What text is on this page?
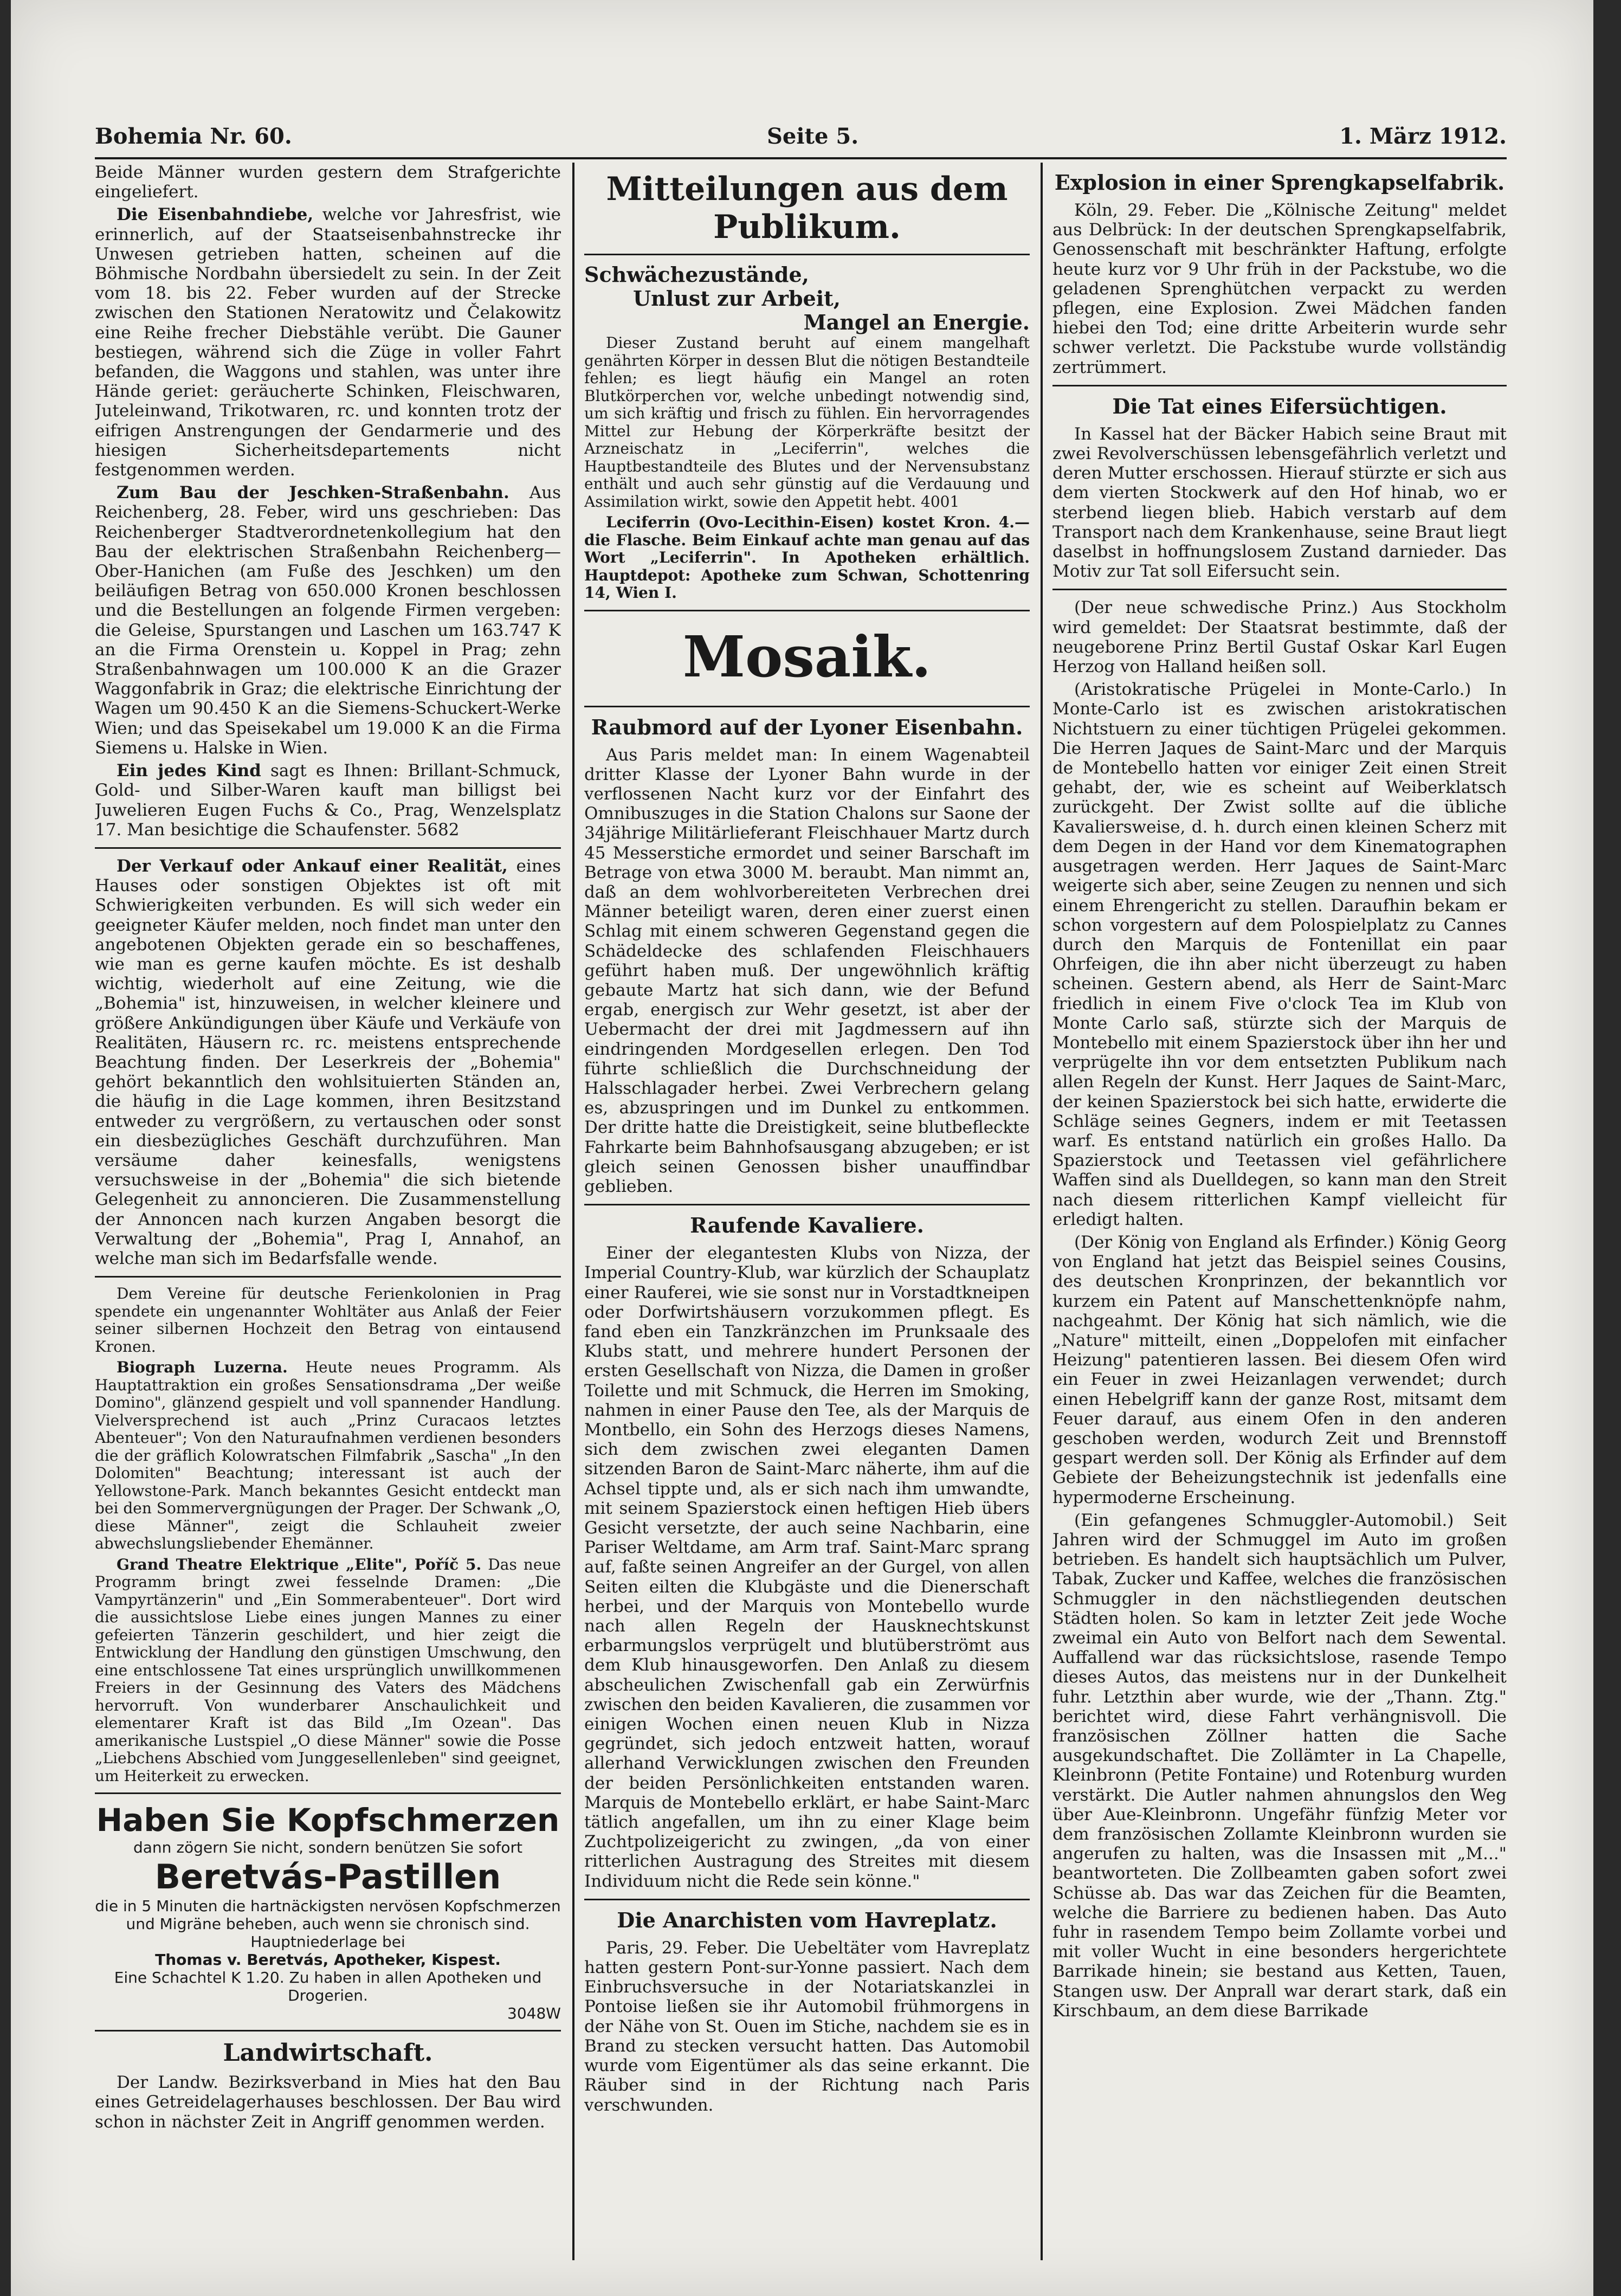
Bohemia Nr. 60.	Seite 5.	1. März 1912.

Beide Männer wurden gestern dem Strafgerichte eingeliefert.

Die Eisenbahndiebe, welche vor Jahresfrist, wie erinnerlich, auf der Staatseisenbahnstrecke ihr Unwesen getrieben hatten, scheinen auf die Böhmische Nordbahn übersiedelt zu sein. In der Zeit vom 18. bis 22. Feber wurden auf der Strecke zwischen den Stationen Neratowitz und Čelakowitz eine Reihe frecher Diebstähle verübt. Die Gauner bestiegen, während sich die Züge in voller Fahrt befanden, die Waggons und stahlen, was unter ihre Hände geriet: geräucherte Schinken, Fleischwaren, Juteleinwand, Trikotwaren, rc. und konnten trotz der eifrigen Anstrengungen der Gendarmerie und des hiesigen Sicherheitsdepartements nicht festgenommen werden.

Zum Bau der Jeschken-Straßenbahn. Aus Reichenberg, 28. Feber, wird uns geschrieben: Das Reichenberger Stadtverordnetenkollegium hat den Bau der elektrischen Straßenbahn Reichenberg—Ober-Hanichen (am Fuße des Jeschken) um den beiläufigen Betrag von 650.000 Kronen beschlossen und die Bestellungen an folgende Firmen vergeben: die Geleise, Spurstangen und Laschen um 163.747 K an die Firma Orenstein u. Koppel in Prag; zehn Straßenbahnwagen um 100.000 K an die Grazer Waggonfabrik in Graz; die elektrische Einrichtung der Wagen um 90.450 K an die Siemens-Schuckert-Werke Wien; und das Speisekabel um 19.000 K an die Firma Siemens u. Halske in Wien.

Ein jedes Kind sagt es Ihnen: Brillant-Schmuck, Gold- und Silber-Waren kauft man billigst bei Juwelieren Eugen Fuchs & Co., Prag, Wenzelsplatz 17. Man besichtige die Schaufenster. 5682

Der Verkauf oder Ankauf einer Realität, eines Hauses oder sonstigen Objektes ist oft mit Schwierigkeiten verbunden. Es will sich weder ein geeigneter Käufer melden, noch findet man unter den angebotenen Objekten gerade ein so beschaffenes, wie man es gerne kaufen möchte. Es ist deshalb wichtig, wiederholt auf eine Zeitung, wie die „Bohemia" ist, hinzuweisen, in welcher kleinere und größere Ankündigungen über Käufe und Verkäufe von Realitäten, Häusern rc. rc. meistens entsprechende Beachtung finden. Der Leserkreis der „Bohemia" gehört bekanntlich den wohlsituierten Ständen an, die häufig in die Lage kommen, ihren Besitzstand entweder zu vergrößern, zu vertauschen oder sonst ein diesbezügliches Geschäft durchzuführen. Man versäume daher keinesfalls, wenigstens versuchsweise in der „Bohemia" die sich bietende Gelegenheit zu annoncieren. Die Zusammenstellung der Annoncen nach kurzen Angaben besorgt die Verwaltung der „Bohemia", Prag I, Annahof, an welche man sich im Bedarfsfalle wende.

Dem Vereine für deutsche Ferienkolonien in Prag spendete ein ungenannter Wohltäter aus Anlaß der Feier seiner silbernen Hochzeit den Betrag von eintausend Kronen.

Biograph Luzerna. Heute neues Programm. Als Hauptattraktion ein großes Sensationsdrama „Der weiße Domino", glänzend gespielt und voll spannender Handlung. Vielversprechend ist auch „Prinz Curacaos letztes Abenteuer"; Von den Naturaufnahmen verdienen besonders die der gräflich Kolowratschen Filmfabrik „Sascha" „In den Dolomiten" Beachtung; interessant ist auch der Yellowstone-Park. Manch bekanntes Gesicht entdeckt man bei den Sommervergnügungen der Prager. Der Schwank „O, diese Männer", zeigt die Schlauheit zweier abwechslungsliebender Ehemänner.

Grand Theatre Elektrique „Elite", Poříč 5. Das neue Programm bringt zwei fesselnde Dramen: „Die Vampyrtänzerin" und „Ein Sommerabenteuer". Dort wird die aussichtslose Liebe eines jungen Mannes zu einer gefeierten Tänzerin geschildert, und hier zeigt die Entwicklung der Handlung den günstigen Umschwung, den eine entschlossene Tat eines ursprünglich unwillkommenen Freiers in der Gesinnung des Vaters des Mädchens hervorruft. Von wunderbarer Anschaulichkeit und elementarer Kraft ist das Bild „Im Ozean". Das amerikanische Lustspiel „O diese Männer" sowie die Posse „Liebchens Abschied vom Junggesellenleben" sind geeignet, um Heiterkeit zu erwecken.

Haben Sie Kopfschmerzen
dann zögern Sie nicht, sondern benützen Sie sofort
Beretvás-Pastillen
die in 5 Minuten die hartnäckigsten nervösen Kopfschmerzen und Migräne beheben, auch wenn sie chronisch sind. Hauptniederlage bei
Thomas v. Beretvás, Apotheker, Kispest.
Eine Schachtel K 1.20. Zu haben in allen Apotheken und Drogerien.
3048W
Landwirtschaft.

Der Landw. Bezirksverband in Mies hat den Bau eines Getreidelagerhauses beschlossen. Der Bau wird schon in nächster Zeit in Angriff genommen werden.

Mitteilungen aus dem Publikum.
Schwächezustände,
Unlust zur Arbeit,
Mangel an Energie.

Dieser Zustand beruht auf einem mangelhaft genährten Körper in dessen Blut die nötigen Bestandteile fehlen; es liegt häufig ein Mangel an roten Blutkörperchen vor, welche unbedingt notwendig sind, um sich kräftig und frisch zu fühlen. Ein hervorragendes Mittel zur Hebung der Körperkräfte besitzt der Arzneischatz in „Leciferrin", welches die Hauptbestandteile des Blutes und der Nervensubstanz enthält und auch sehr günstig auf die Verdauung und Assimilation wirkt, sowie den Appetit hebt. 4001

Leciferrin (Ovo-Lecithin-Eisen) kostet Kron. 4.— die Flasche. Beim Einkauf achte man genau auf das Wort „Leciferrin". In Apotheken erhältlich. Hauptdepot: Apotheke zum Schwan, Schottenring 14, Wien I.

Mosaik.
Raubmord auf der Lyoner Eisenbahn.

Aus Paris meldet man: In einem Wagenabteil dritter Klasse der Lyoner Bahn wurde in der verflossenen Nacht kurz vor der Einfahrt des Omnibuszuges in die Station Chalons sur Saone der 34jährige Militärlieferant Fleischhauer Martz durch 45 Messerstiche ermordet und seiner Barschaft im Betrage von etwa 3000 M. beraubt. Man nimmt an, daß an dem wohlvorbereiteten Verbrechen drei Männer beteiligt waren, deren einer zuerst einen Schlag mit einem schweren Gegenstand gegen die Schädeldecke des schlafenden Fleischhauers geführt haben muß. Der ungewöhnlich kräftig gebaute Martz hat sich dann, wie der Befund ergab, energisch zur Wehr gesetzt, ist aber der Uebermacht der drei mit Jagdmessern auf ihn eindringenden Mordgesellen erlegen. Den Tod führte schließlich die Durchschneidung der Halsschlagader herbei. Zwei Verbrechern gelang es, abzuspringen und im Dunkel zu entkommen. Der dritte hatte die Dreistigkeit, seine blutbefleckte Fahrkarte beim Bahnhofsausgang abzugeben; er ist gleich seinen Genossen bisher unauffindbar geblieben.

Raufende Kavaliere.

Einer der elegantesten Klubs von Nizza, der Imperial Country-Klub, war kürzlich der Schauplatz einer Rauferei, wie sie sonst nur in Vorstadtkneipen oder Dorfwirtshäusern vorzukommen pflegt. Es fand eben ein Tanzkränzchen im Prunksaale des Klubs statt, und mehrere hundert Personen der ersten Gesellschaft von Nizza, die Damen in großer Toilette und mit Schmuck, die Herren im Smoking, nahmen in einer Pause den Tee, als der Marquis de Montbello, ein Sohn des Herzogs dieses Namens, sich dem zwischen zwei eleganten Damen sitzenden Baron de Saint-Marc näherte, ihm auf die Achsel tippte und, als er sich nach ihm umwandte, mit seinem Spazierstock einen heftigen Hieb übers Gesicht versetzte, der auch seine Nachbarin, eine Pariser Weltdame, am Arm traf. Saint-Marc sprang auf, faßte seinen Angreifer an der Gurgel, von allen Seiten eilten die Klubgäste und die Dienerschaft herbei, und der Marquis von Montebello wurde nach allen Regeln der Hausknechtskunst erbarmungslos verprügelt und blutüberströmt aus dem Klub hinausgeworfen. Den Anlaß zu diesem abscheulichen Zwischenfall gab ein Zerwürfnis zwischen den beiden Kavalieren, die zusammen vor einigen Wochen einen neuen Klub in Nizza gegründet, sich jedoch entzweit hatten, worauf allerhand Verwicklungen zwischen den Freunden der beiden Persönlichkeiten entstanden waren. Marquis de Montebello erklärt, er habe Saint-Marc tätlich angefallen, um ihn zu einer Klage beim Zuchtpolizeigericht zu zwingen, „da von einer ritterlichen Austragung des Streites mit diesem Individuum nicht die Rede sein könne."

Die Anarchisten vom Havreplatz.

Paris, 29. Feber. Die Uebeltäter vom Havreplatz hatten gestern Pont-sur-Yonne passiert. Nach dem Einbruchsversuche in der Notariatskanzlei in Pontoise ließen sie ihr Automobil frühmorgens in der Nähe von St. Ouen im Stiche, nachdem sie es in Brand zu stecken versucht hatten. Das Automobil wurde vom Eigentümer als das seine erkannt. Die Räuber sind in der Richtung nach Paris verschwunden.

Explosion in einer Sprengkapselfabrik.

Köln, 29. Feber. Die „Kölnische Zeitung" meldet aus Delbrück: In der deutschen Sprengkapselfabrik, Genossenschaft mit beschränkter Haftung, erfolgte heute kurz vor 9 Uhr früh in der Packstube, wo die geladenen Sprenghütchen verpackt zu werden pflegen, eine Explosion. Zwei Mädchen fanden hiebei den Tod; eine dritte Arbeiterin wurde sehr schwer verletzt. Die Packstube wurde vollständig zertrümmert.

Die Tat eines Eifersüchtigen.

In Kassel hat der Bäcker Habich seine Braut mit zwei Revolverschüssen lebensgefährlich verletzt und deren Mutter erschossen. Hierauf stürzte er sich aus dem vierten Stockwerk auf den Hof hinab, wo er sterbend liegen blieb. Habich verstarb auf dem Transport nach dem Krankenhause, seine Braut liegt daselbst in hoffnungslosem Zustand darnieder. Das Motiv zur Tat soll Eifersucht sein.

(Der neue schwedische Prinz.) Aus Stockholm wird gemeldet: Der Staatsrat bestimmte, daß der neugeborene Prinz Bertil Gustaf Oskar Karl Eugen Herzog von Halland heißen soll.

(Aristokratische Prügelei in Monte-Carlo.) In Monte-Carlo ist es zwischen aristokratischen Nichtstuern zu einer tüchtigen Prügelei gekommen. Die Herren Jaques de Saint-Marc und der Marquis de Montebello hatten vor einiger Zeit einen Streit gehabt, der, wie es scheint auf Weiberklatsch zurückgeht. Der Zwist sollte auf die übliche Kavaliersweise, d. h. durch einen kleinen Scherz mit dem Degen in der Hand vor dem Kinematographen ausgetragen werden. Herr Jaques de Saint-Marc weigerte sich aber, seine Zeugen zu nennen und sich einem Ehrengericht zu stellen. Daraufhin bekam er schon vorgestern auf dem Polospielplatz zu Cannes durch den Marquis de Fontenillat ein paar Ohrfeigen, die ihn aber nicht überzeugt zu haben scheinen. Gestern abend, als Herr de Saint-Marc friedlich in einem Five o'clock Tea im Klub von Monte Carlo saß, stürzte sich der Marquis de Montebello mit einem Spazierstock über ihn her und verprügelte ihn vor dem entsetzten Publikum nach allen Regeln der Kunst. Herr Jaques de Saint-Marc, der keinen Spazierstock bei sich hatte, erwiderte die Schläge seines Gegners, indem er mit Teetassen warf. Es entstand natürlich ein großes Hallo. Da Spazierstock und Teetassen viel gefährlichere Waffen sind als Duelldegen, so kann man den Streit nach diesem ritterlichen Kampf vielleicht für erledigt halten.

(Der König von England als Erfinder.) König Georg von England hat jetzt das Beispiel seines Cousins, des deutschen Kronprinzen, der bekanntlich vor kurzem ein Patent auf Manschettenknöpfe nahm, nachgeahmt. Der König hat sich nämlich, wie die „Nature" mitteilt, einen „Doppelofen mit einfacher Heizung" patentieren lassen. Bei diesem Ofen wird ein Feuer in zwei Heizanlagen verwendet; durch einen Hebelgriff kann der ganze Rost, mitsamt dem Feuer darauf, aus einem Ofen in den anderen geschoben werden, wodurch Zeit und Brennstoff gespart werden soll. Der König als Erfinder auf dem Gebiete der Beheizungstechnik ist jedenfalls eine hypermoderne Erscheinung.

(Ein gefangenes Schmuggler-Automobil.) Seit Jahren wird der Schmuggel im Auto im großen betrieben. Es handelt sich hauptsächlich um Pulver, Tabak, Zucker und Kaffee, welches die französischen Schmuggler in den nächstliegenden deutschen Städten holen. So kam in letzter Zeit jede Woche zweimal ein Auto von Belfort nach dem Sewental. Auffallend war das rücksichtslose, rasende Tempo dieses Autos, das meistens nur in der Dunkelheit fuhr. Letzthin aber wurde, wie der „Thann. Ztg." berichtet wird, diese Fahrt verhängnisvoll. Die französischen Zöllner hatten die Sache ausgekundschaftet. Die Zollämter in La Chapelle, Kleinbronn (Petite Fontaine) und Rotenburg wurden verstärkt. Die Autler nahmen ahnungslos den Weg über Aue-Kleinbronn. Ungefähr fünfzig Meter vor dem französischen Zollamte Kleinbronn wurden sie angerufen zu halten, was die Insassen mit „M..." beantworteten. Die Zollbeamten gaben sofort zwei Schüsse ab. Das war das Zeichen für die Beamten, welche die Barriere zu bedienen haben. Das Auto fuhr in rasendem Tempo beim Zollamte vorbei und mit voller Wucht in eine besonders hergerichtete Barrikade hinein; sie bestand aus Ketten, Tauen, Stangen usw. Der Anprall war derart stark, daß ein Kirschbaum, an dem diese Barrikade
